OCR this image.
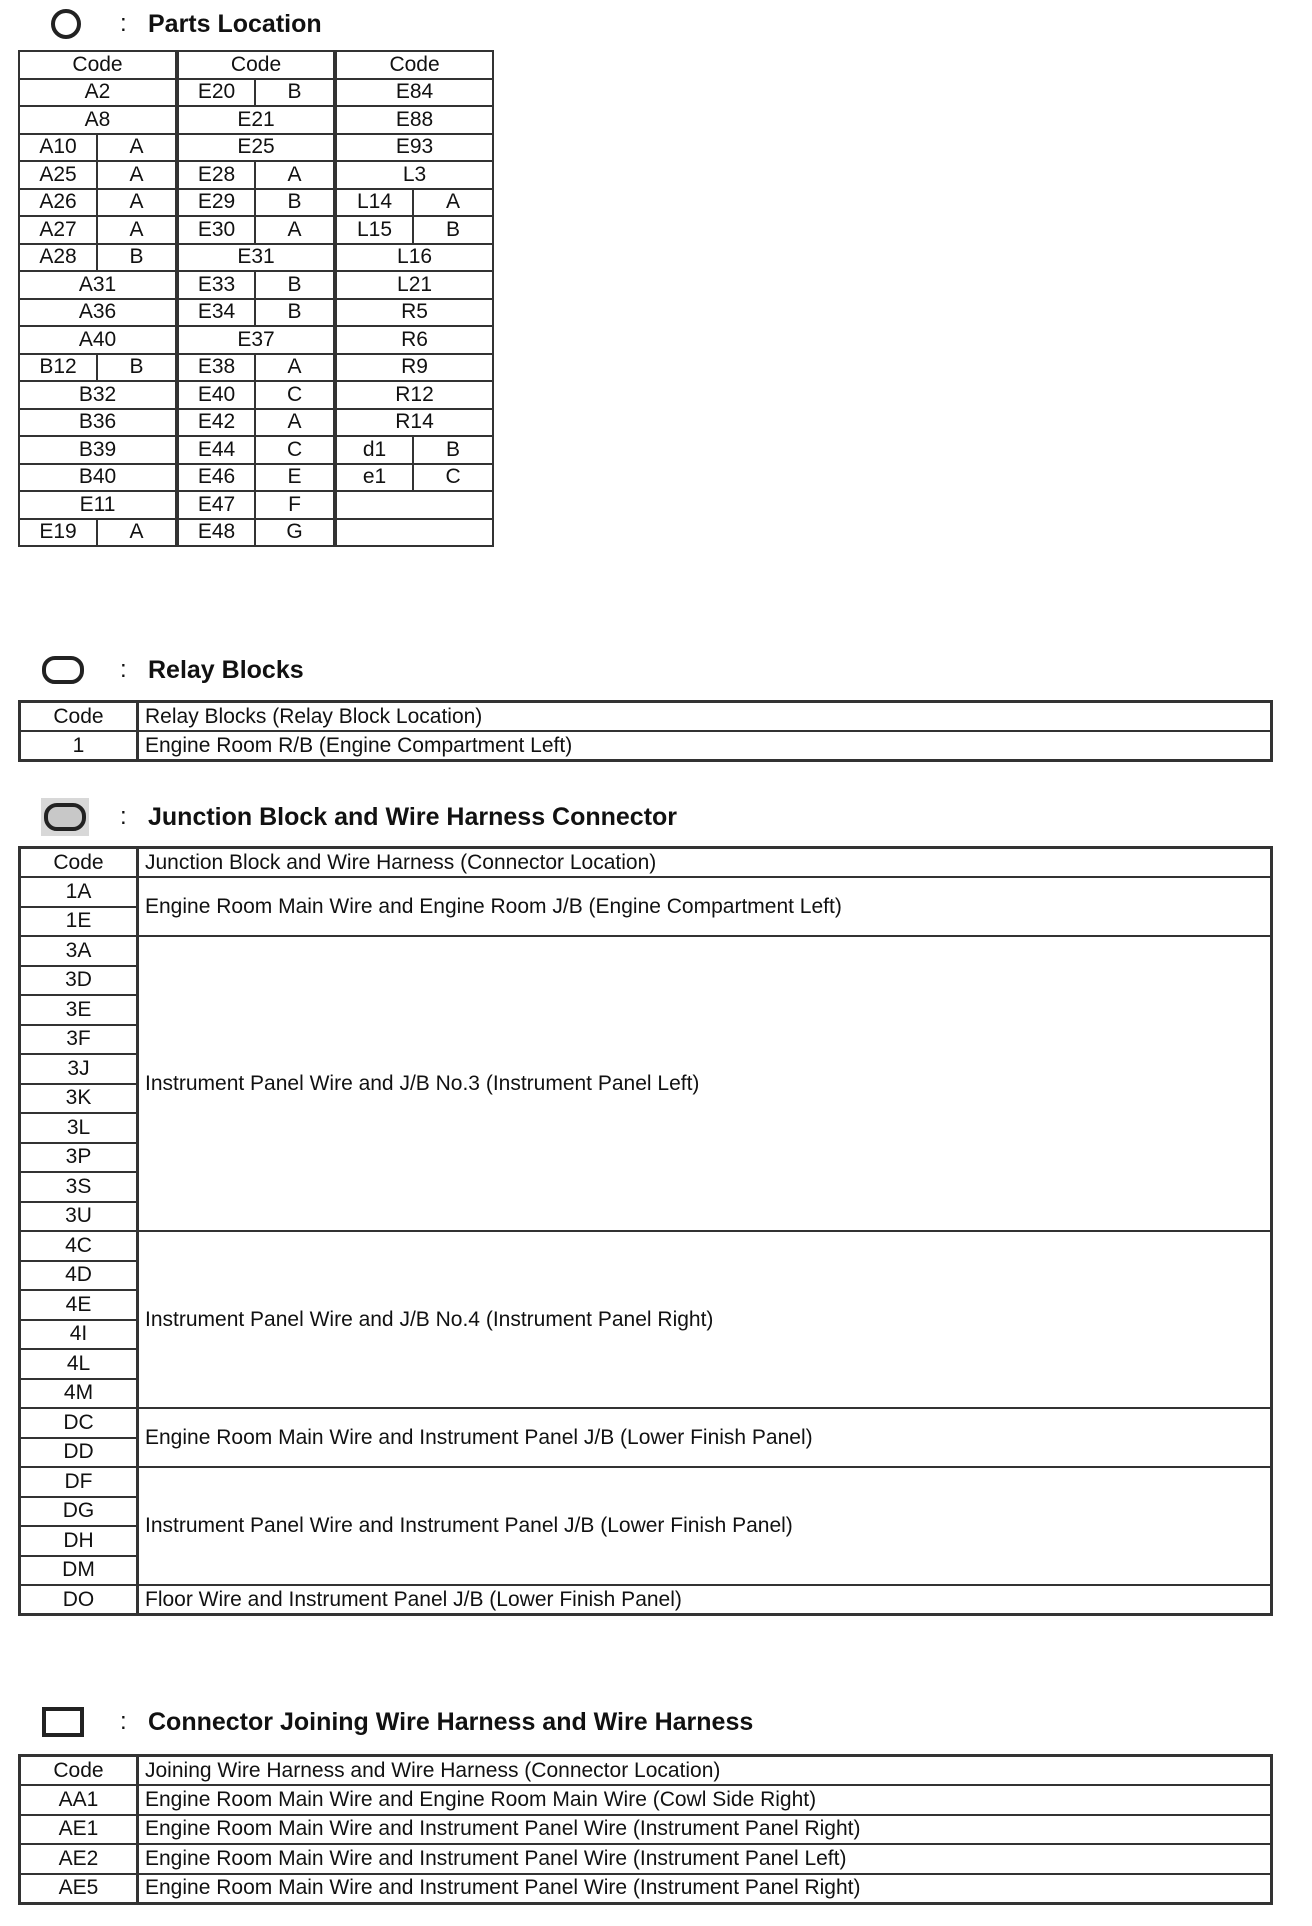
: Parts Location
Code		Code		Code	
A2		E20	B	E84	
A8		E21		E88	
A10	A	E25		E93	
A25	A	E28	A	L3	
A26	A	E29	B	L14	A
A27	A	E30	A	L15	B
A28	B	E31		L16	
A31		E33	B	L21	
A36		E34	B	R5	
A40		E37		R6	
B12	B	E38	A	R9	
B32		E40	C	R12	
B36		E42	A	R14	
B39		E44	C	d1	B
B40		E46	E	e1	C
E11		E47	F		
E19	A	E48	G		
: Relay Blocks
Code	Relay Blocks (Relay Block Location)
1	Engine Room R/B (Engine Compartment Left)
: Junction Block and Wire Harness Connector
Code	Junction Block and Wire Harness (Connector Location)
1A	Engine Room Main Wire and Engine Room J/B (Engine Compartment Left)
1E	
3A	Instrument Panel Wire and J/B No.3 (Instrument Panel Left)
3D	
3E	
3F	
3J	
3K	
3L	
3P	
3S	
3U	
4C	Instrument Panel Wire and J/B No.4 (Instrument Panel Right)
4D	
4E	
4I	
4L	
4M	
DC	Engine Room Main Wire and Instrument Panel J/B (Lower Finish Panel)
DD	
DF	Instrument Panel Wire and Instrument Panel J/B (Lower Finish Panel)
DG	
DH	
DM	
DO	Floor Wire and Instrument Panel J/B (Lower Finish Panel)
: Connector Joining Wire Harness and Wire Harness
Code	Joining Wire Harness and Wire Harness (Connector Location)
AA1	Engine Room Main Wire and Engine Room Main Wire (Cowl Side Right)
AE1	Engine Room Main Wire and Instrument Panel Wire (Instrument Panel Right)
AE2	Engine Room Main Wire and Instrument Panel Wire (Instrument Panel Left)
AE5	Engine Room Main Wire and Instrument Panel Wire (Instrument Panel Right)
